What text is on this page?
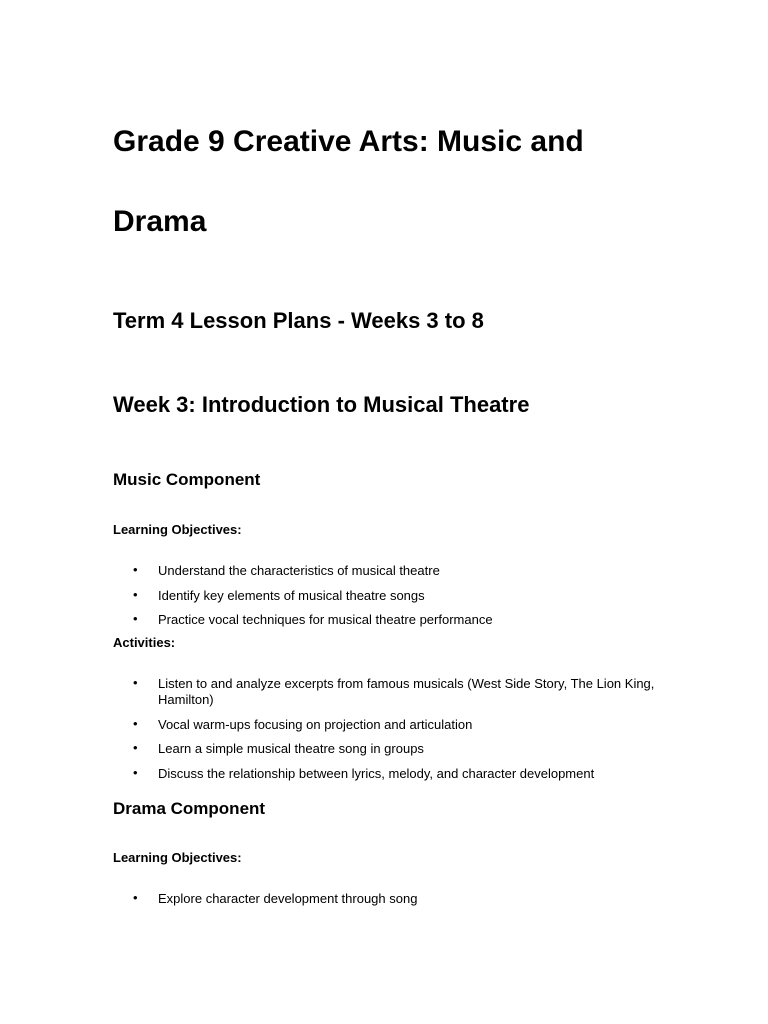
Grade 9 Creative Arts: Music and
Drama
Term 4 Lesson Plans - Weeks 3 to 8
Week 3: Introduction to Musical Theatre
Music Component
Learning Objectives:
• Understand the characteristics of musical theatre
• Identify key elements of musical theatre songs
• Practice vocal techniques for musical theatre performance
Activities:
• Listen to and analyze excerpts from famous musicals (West Side Story, The Lion King, Hamilton)
• Vocal warm-ups focusing on projection and articulation
• Learn a simple musical theatre song in groups
• Discuss the relationship between lyrics, melody, and character development
Drama Component
Learning Objectives:
• Explore character development through song
